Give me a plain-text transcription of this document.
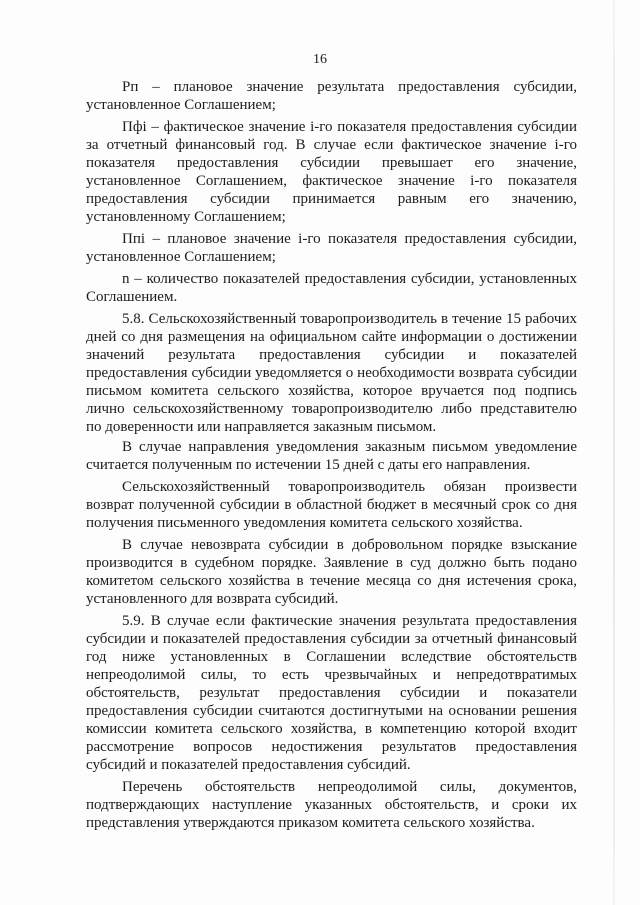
16

Рп – плановое значение результата предоставления субсидии, установленное Соглашением;

Пфi – фактическое значение i-го показателя предоставления субсидии за отчетный финансовый год. В случае если фактическое значение i-го показателя предоставления субсидии превышает его значение, установленное Соглашением, фактическое значение i-го показателя предоставления субсидии принимается равным его значению, установленному Соглашением;

Ппi – плановое значение i-го показателя предоставления субсидии, установленное Соглашением;

n – количество показателей предоставления субсидии, установленных Соглашением.

5.8. Сельскохозяйственный товаропроизводитель в течение 15 рабочих дней со дня размещения на официальном сайте информации о достижении значений результата предоставления субсидии и показателей предоставления субсидии уведомляется о необходимости возврата субсидии письмом комитета сельского хозяйства, которое вручается под подпись лично сельскохозяйственному товаропроизводителю либо представителю по доверенности или направляется заказным письмом.

В случае направления уведомления заказным письмом уведомление считается полученным по истечении 15 дней с даты его направления.

Сельскохозяйственный товаропроизводитель обязан произвести возврат полученной субсидии в областной бюджет в месячный срок со дня получения письменного уведомления комитета сельского хозяйства.

В случае невозврата субсидии в добровольном порядке взыскание производится в судебном порядке. Заявление в суд должно быть подано комитетом сельского хозяйства в течение месяца со дня истечения срока, установленного для возврата субсидий.

5.9. В случае если фактические значения результата предоставления субсидии и показателей предоставления субсидии за отчетный финансовый год ниже установленных в Соглашении вследствие обстоятельств непреодолимой силы, то есть чрезвычайных и непредотвратимых обстоятельств, результат предоставления субсидии и показатели предоставления субсидии считаются достигнутыми на основании решения комиссии комитета сельского хозяйства, в компетенцию которой входит рассмотрение вопросов недостижения результатов предоставления субсидий и показателей предоставления субсидий.

Перечень обстоятельств непреодолимой силы, документов, подтверждающих наступление указанных обстоятельств, и сроки их представления утверждаются приказом комитета сельского хозяйства.
